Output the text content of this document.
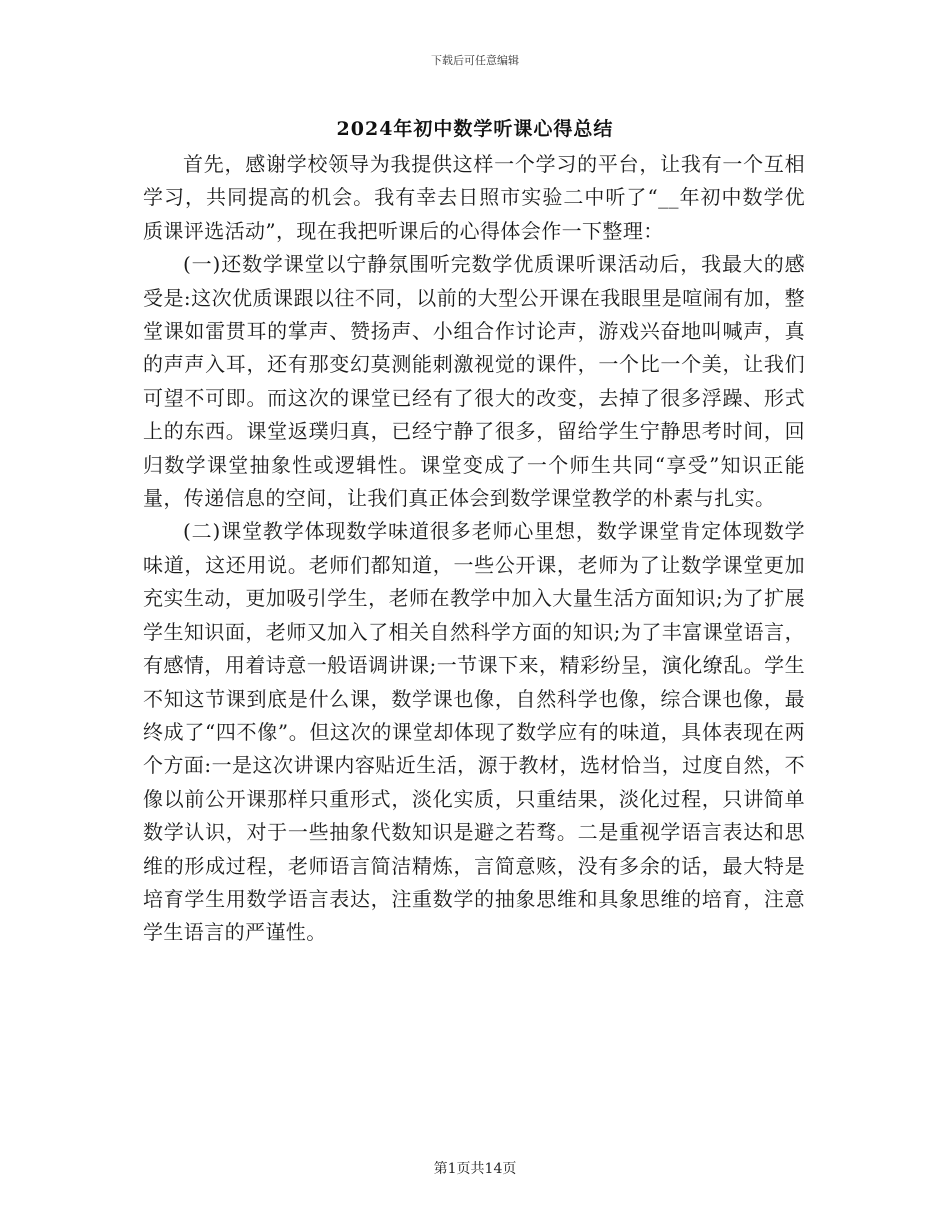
下载后可任意编辑
2024年初中数学听课心得总结

首先，感谢学校领导为我提供这样一个学习的平台，让我有一个互相学习，共同提高的机会。我有幸去日照市实验二中听了“__年初中数学优质课评选活动”，现在我把听课后的心得体会作一下整理：

(一)还数学课堂以宁静氛围听完数学优质课听课活动后，我最大的感受是:这次优质课跟以往不同，以前的大型公开课在我眼里是喧闹有加，整堂课如雷贯耳的掌声、赞扬声、小组合作讨论声，游戏兴奋地叫喊声，真的声声入耳，还有那变幻莫测能刺激视觉的课件，一个比一个美，让我们可望不可即。而这次的课堂已经有了很大的改变，去掉了很多浮躁、形式上的东西。课堂返璞归真，已经宁静了很多，留给学生宁静思考时间，回归数学课堂抽象性或逻辑性。课堂变成了一个师生共同“享受”知识正能量，传递信息的空间，让我们真正体会到数学课堂教学的朴素与扎实。

(二)课堂教学体现数学味道很多老师心里想，数学课堂肯定体现数学味道，这还用说。老师们都知道，一些公开课，老师为了让数学课堂更加充实生动，更加吸引学生，老师在教学中加入大量生活方面知识;为了扩展学生知识面，老师又加入了相关自然科学方面的知识;为了丰富课堂语言，有感情，用着诗意一般语调讲课;一节课下来，精彩纷呈，演化缭乱。学生不知这节课到底是什么课，数学课也像，自然科学也像，综合课也像，最终成了“四不像”。但这次的课堂却体现了数学应有的味道，具体表现在两个方面:一是这次讲课内容贴近生活，源于教材，选材恰当，过度自然，不像以前公开课那样只重形式，淡化实质，只重结果，淡化过程，只讲简单数学认识，对于一些抽象代数知识是避之若骛。二是重视学语言表达和思维的形成过程，老师语言简洁精炼，言简意赅，没有多余的话，最大特是培育学生用数学语言表达，注重数学的抽象思维和具象思维的培育，注意学生语言的严谨性。

第1页共14页
